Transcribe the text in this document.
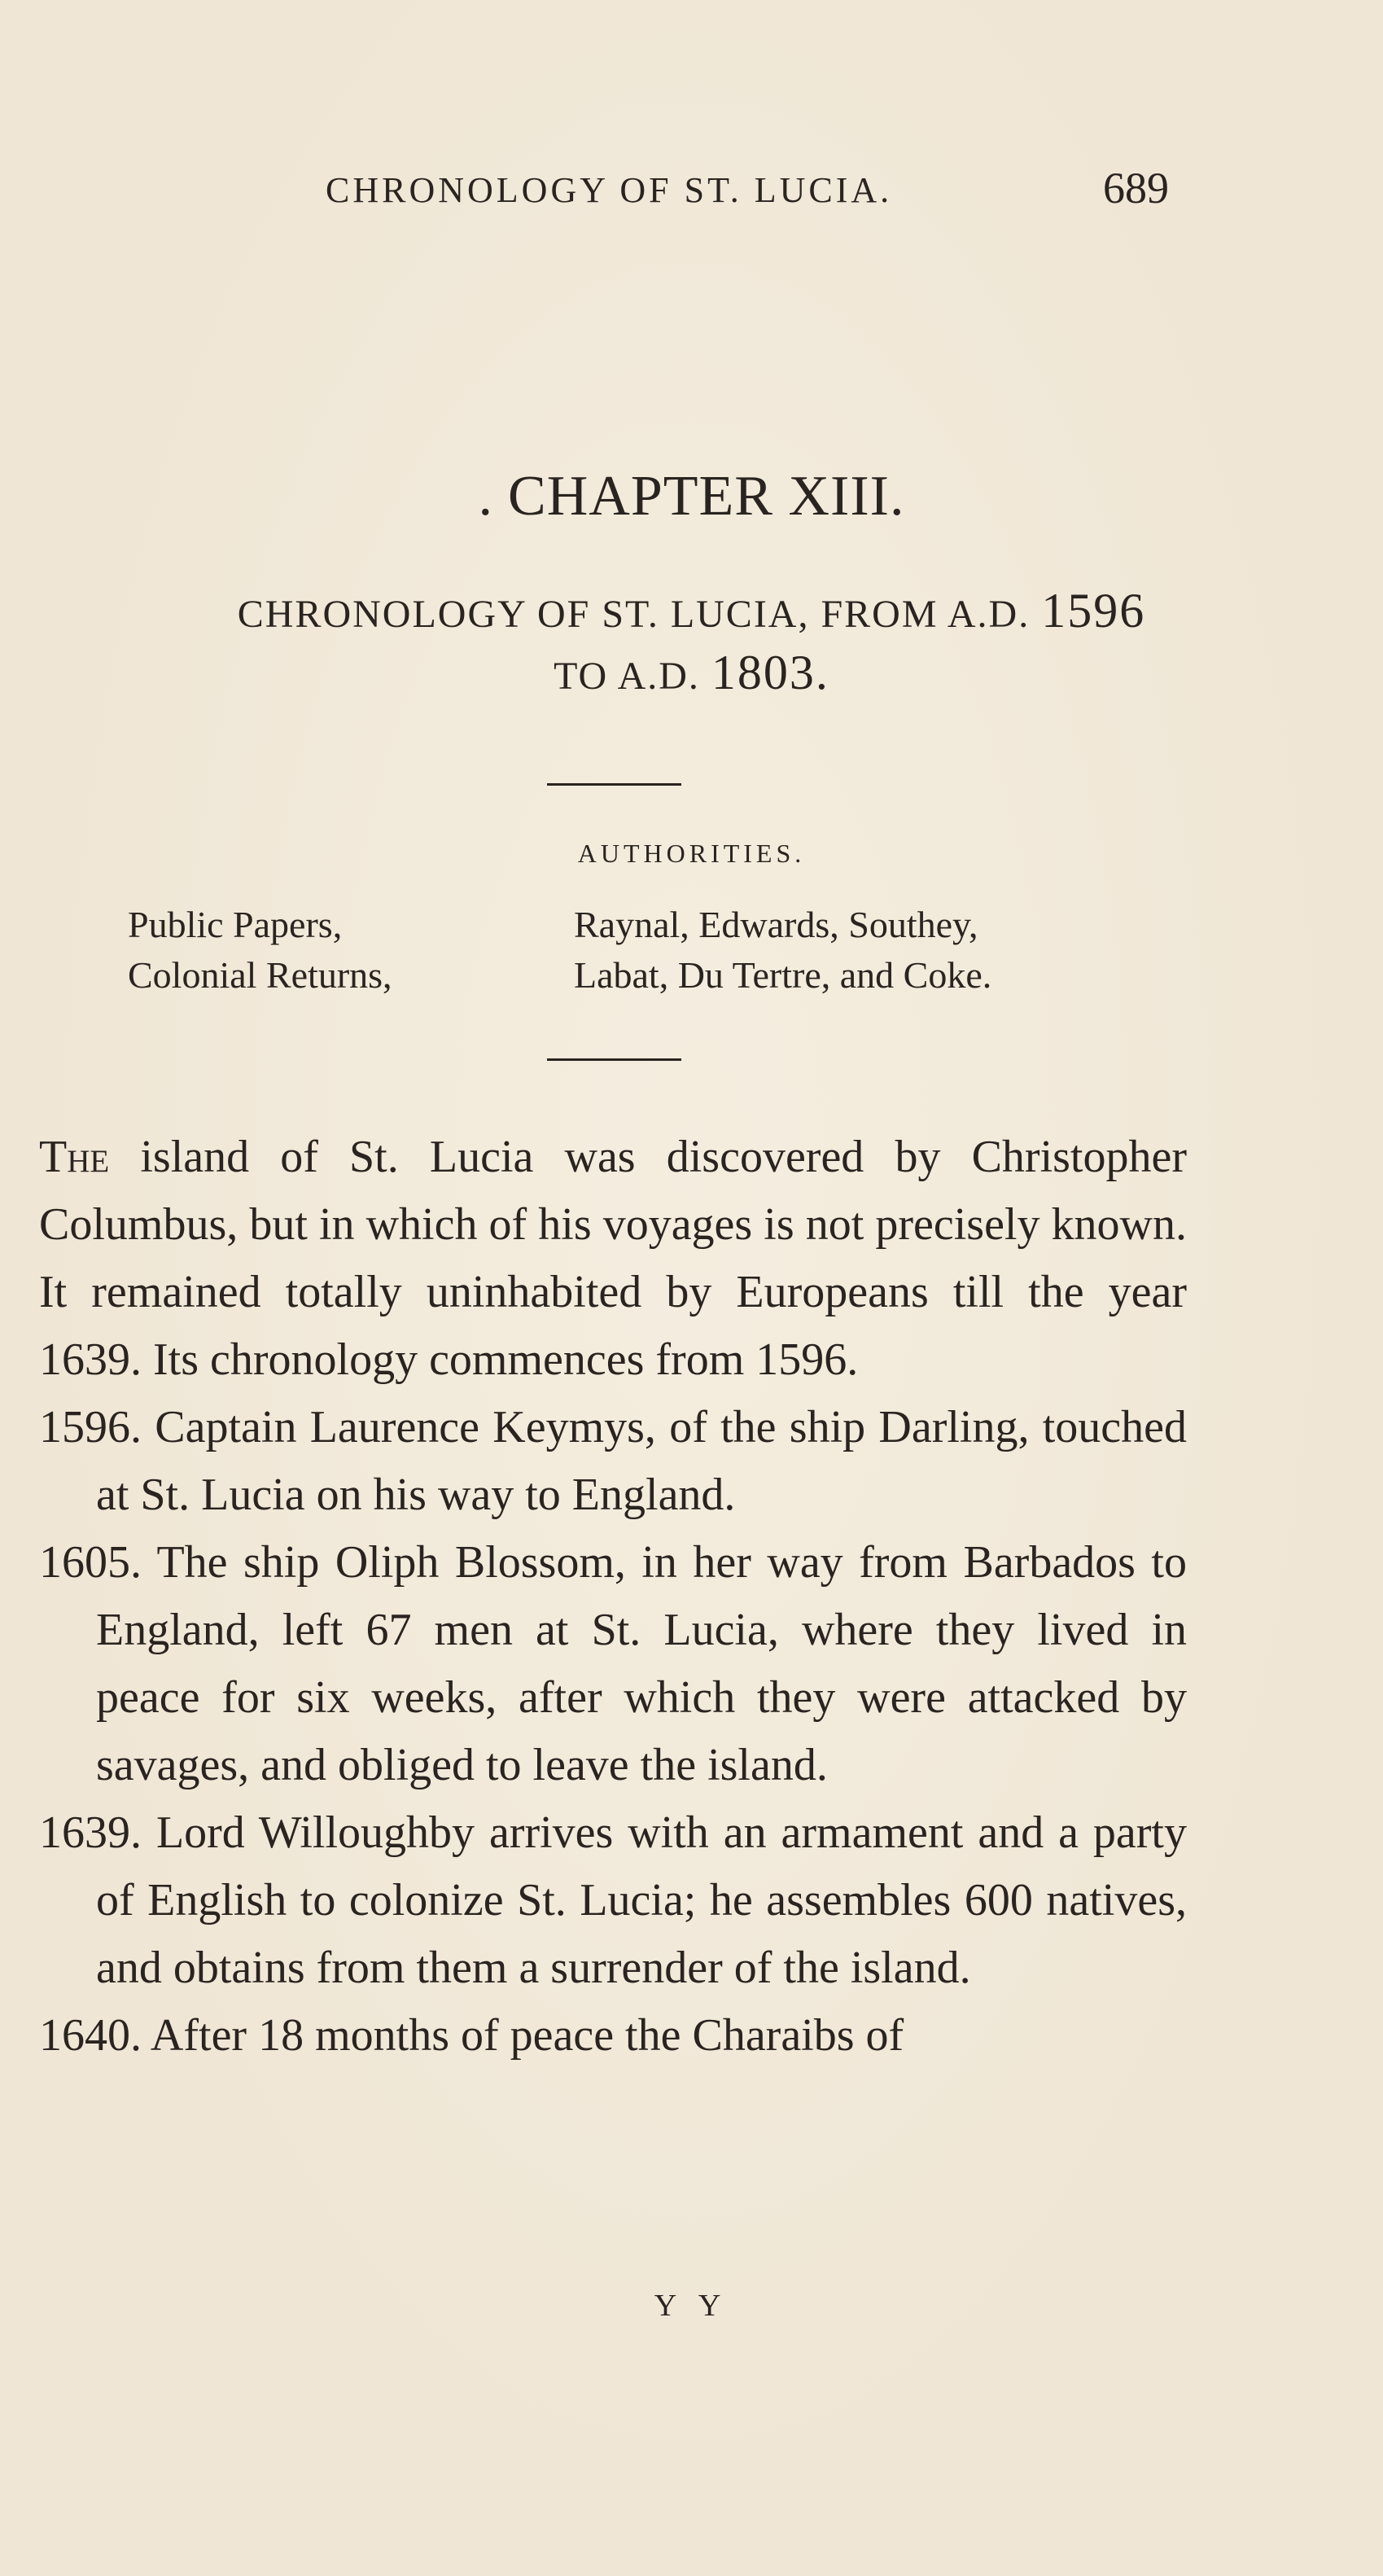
CHRONOLOGY OF ST. LUCIA.	689
. CHAPTER XIII.
CHRONOLOGY OF ST. LUCIA, FROM A.D. 1596
TO A.D. 1803.
AUTHORITIES.
Public Papers,
Colonial Returns,
Raynal, Edwards, Southey,
Labat, Du Tertre, and Coke.

The island of St. Lucia was discovered by Christopher Columbus, but in which of his voyages is not precisely known. It remained totally uninhabited by Europeans till the year 1639. Its chronology commences from 1596.

1596. Captain Laurence Keymys, of the ship Darling, touched at St. Lucia on his way to England.

1605. The ship Oliph Blossom, in her way from Barbados to England, left 67 men at St. Lucia, where they lived in peace for six weeks, after which they were attacked by savages, and obliged to leave the island.

1639. Lord Willoughby arrives with an armament and a party of English to colonize St. Lucia; he assembles 600 natives, and obtains from them a surrender of the island.

1640. After 18 months of peace the Charaibs of

Y Y
